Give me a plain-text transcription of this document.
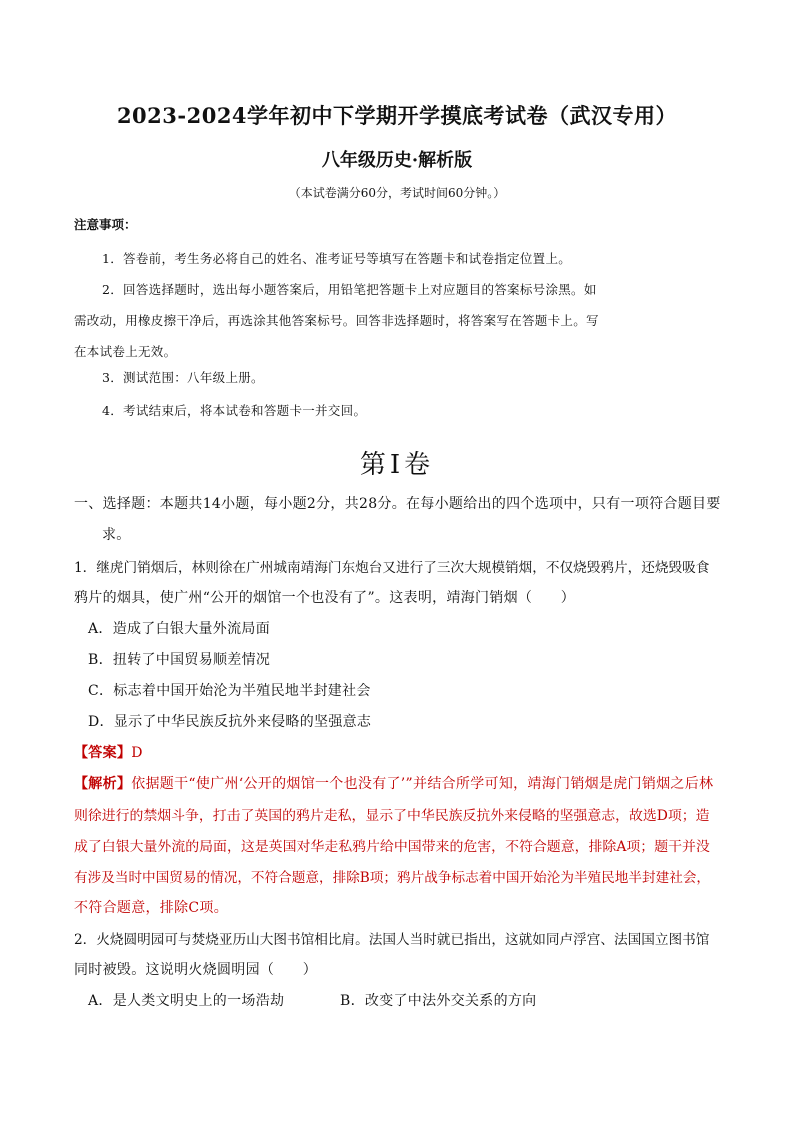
2023-2024学年初中下学期开学摸底考试卷（武汉专用）
八年级历史·解析版
（本试卷满分60分，考试时间60分钟。）
注意事项：
1．答卷前，考生务必将自己的姓名、准考证号等填写在答题卡和试卷指定位置上。
2．回答选择题时，选出每小题答案后，用铅笔把答题卡上对应题目的答案标号涂黑。如
需改动，用橡皮擦干净后，再选涂其他答案标号。回答非选择题时，将答案写在答题卡上。写
在本试卷上无效。
3．测试范围：八年级上册。
4．考试结束后，将本试卷和答题卡一并交回。
第Ⅰ卷
一、选择题：本题共14小题，每小题2分，共28分。在每小题给出的四个选项中，只有一项符合题目要
求。
1．继虎门销烟后，林则徐在广州城南靖海门东炮台又进行了三次大规模销烟，不仅烧毁鸦片，还烧毁吸食
鸦片的烟具，使广州“公开的烟馆一个也没有了”。这表明，靖海门销烟（　　）
A．造成了白银大量外流局面
B．扭转了中国贸易顺差情况
C．标志着中国开始沦为半殖民地半封建社会
D．显示了中华民族反抗外来侵略的坚强意志
【答案】D
【解析】依据题干“使广州‘公开的烟馆一个也没有了’”并结合所学可知，靖海门销烟是虎门销烟之后林
则徐进行的禁烟斗争，打击了英国的鸦片走私，显示了中华民族反抗外来侵略的坚强意志，故选D项；造
成了白银大量外流的局面，这是英国对华走私鸦片给中国带来的危害，不符合题意，排除A项；题干并没
有涉及当时中国贸易的情况，不符合题意，排除B项；鸦片战争标志着中国开始沦为半殖民地半封建社会，
不符合题意，排除C项。
2．火烧圆明园可与焚烧亚历山大图书馆相比肩。法国人当时就已指出，这就如同卢浮宫、法国国立图书馆
同时被毁。这说明火烧圆明园（　　）
A．是人类文明史上的一场浩劫	B．改变了中法外交关系的方向
